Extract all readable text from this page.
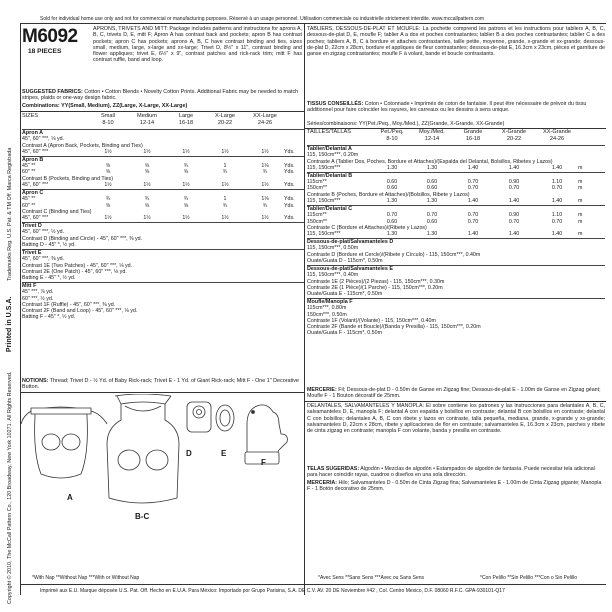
Sold for individual home use only and not for commercial or manufacturing purposes. Réservé à un usage personnel. Utilisation commerciale ou industrielle strictement interdite. www.mccallpattern.com
Copyright © 2010, The McCall Pattern Co., 120 Broadway, New York 10271. All Rights Reserved. Printed in U.S.A. Trademarks Reg. U.S. Pat. & TM Off. Marca Registrada
M6092
18 PIECES
APRONS, TRIVETS AND MITT: Package includes patterns and instructions for aprons A, B, C, trivets D, E, mitt F; Apron A has contrast back and pockets; apron B has contrast pockets; apron C has pockets; aprons A, B, C have contrast binding and ties, sizes small, medium, large, x-large and xx-large; Trivet D, 8½" x 11", contrast binding and flower appliques; trivet E, 6½" x 9", contrast patches and rick-rack trim; mitt F has contrast ruffle, band and loop.
SUGGESTED FABRICS: Cotton • Cotton Blends • Novelty Cotton Prints. Additional Fabric may be needed to match stripes, plaids or one-way design fabric.
Combinations: YY(Small, Medium), ZZ(Large, X-Large, XX-Large)
SIZES	Small	Medium	Large	X-Large	XX-Large
8-10	12-14	16-18	20-22	24-26
Apron A
45", 60" ***, ⅛ yd.
Contrast A (Apron Back, Pockets, Binding and Ties)
45", 60" ***	1½	1½	1½	1½	1½	Yds.
Apron B
45" **	⅝	⅝	¾	1	1⅛	Yds.
60" **	⅝	⅝	⅝	¾	¾	Yds.
Contrast B (Pockets, Binding and Ties)
45", 60" ***	1½	1½	1½	1½	1½	Yds.
Apron C
45" **	¾	¾	¾	1	1⅛	Yds.
60" **	⅝	⅝	⅝	¾	¾	Yds.
Contrast C (Binding and Ties)
45", 60" ***	1½	1½	1½	1½	1½	Yds.
Trivet D
45", 60" ***, ½ yd.
Contrast D (Binding and Circle) - 45", 60" ***, ⅜ yd.
Batting D - 45" *, ½ yd.
Trivet E
45", 60" ***, ⅜ yd.
Contrast 1E (Two Patches) - 45", 60" ***, ⅛ yd.
Contrast 2E (One Patch) - 45", 60" ***, ⅛ yd.
Batting E - 45" *, ½ yd.
Mitt F
45" ***, ⅞ yd.
60" ***, ½ yd.
Contrast 1F (Ruffle) - 45", 60" ***, ⅜ yd.
Contrast 2F (Band and Loop) - 45", 60" ***, ⅛ yd.
Batting F - 45" *, ½ yd.
NOTIONS: Thread; Trivet D - ½ Yd. of Baby Rick-rack; Trivet E - 1 Yd. of Giant Rick-rack; Mitt F - One 1" Decorative Button.
A
B-C
D	E
F
*With Nap **Without Nap ***With or Without Nap
TABLIERS, DESSOUS-DE-PLAT ET MOUFLE: La pochette comprend les patrons et les instructions pour tabliers A, B, C, dessous-de-plat D, E, moufle F; tablier A a dos et poches contrastantes; tablier B a des poches contrastantes; tablier C a des poches; tabliers A, B, C à bordure et attaches contrastantes, taille petite, moyenne, grande, x-grande et xx-grande; dessous-de-plat D, 22cm x 28cm, bordure et appliques de fleur contrastantes; dessous-de-plat E, 16.3cm x 23cm, pièces et garniture de ganse en zigzag contrastantes; moufle F à volant, bande et boucle contrastants.
TISSUS CONSEILLÉS: Coton • Cotonnade • Imprimés de coton de fantaisie. Il peut être nécessaire de prévoir du tissu additionnel pour faire coïncider les rayures, les carreaux ou les dessins à sens unique.
Séries/combinaisons: YY(Pet./Peq., Moy./Med.), ZZ(Grande, X-Grande, XX-Grande)
TAILLES/TALLAS	Pet./Peq.	Moy./Med.	Grande	X-Grande	XX-Grande
8-10	12-14	16-18	20-22	24-26
Tablier/Delantal A
115, 150cm***, 0.20m
Contraste A (Tablier Dos, Poches, Bordure et Attaches)/(Espalda del Delantal, Bolsillos, Ribetes y Lazos)
115, 150cm***	1.30	1.30	1.40	1.40	1.40	m
Tablier/Delantal B
115cm**	0.60	0.60	0.70	0.90	1.10	m
150cm**	0.60	0.60	0.70	0.70	0.70	m
Contraste B (Poches, Bordure et Attaches)/(Bolsillos, Ribete y Lazos)
115, 150cm***	1.30	1.30	1.40	1.40	1.40	m
Tablier/Delantal C
115cm**	0.70	0.70	0.70	0.90	1.10	m
150cm**	0.60	0.60	0.70	0.70	0.70	m
Contraste C (Bordure et Attaches)/(Ribete y Lazos)
115, 150cm***	1.30	1.30	1.40	1.40	1.40	m
Dessous-de-plat/Salvamanteles D
115, 150cm***, 0.50m
Contraste D (Bordure et Cercle)/(Ribete y Círculo) - 115, 150cm***, 0.40m
Ouate/Guata D - 115cm*, 0.50m
Dessous-de-plat/Salvamanteles E
115, 150cm***, 0.40m
Contraste 1E (2 Pièces)/(2 Piezas) - 115, 150cm***, 0.30m
Contraste 2E (1 Pièce)/(1 Parche) - 115, 150cm***, 0.20m
Ouate/Guata E - 115cm*, 0.50m
Moufle/Manopla F
115cm***, 0.80m
150cm***, 0.50m
Contraste 1F (Volant)/(Volante) - 115, 150cm***, 0.40m
Contraste 2F (Bande et Boucle)/(Banda y Presilla) - 115, 150cm***, 0.20m
Ouate/Guata F - 115cm*, 0.50m
MERCERIE: Fil; Dessous-de-plat D - 0.50m de Ganse en Zigzag fine; Dessous-de-plat E - 1.00m de Ganse en Zigzag géant; Moufle F - 1 Bouton décoratif de 25mm.
DELANTALES, SALVAMANTELES Y MANOPLA: El sobre contiene los patrones y las instrucciones para delantales A, B, C, salvamanteles D, E, manopla F; delantal A con espalda y bolsillos en contraste; delantal B con bolsillos en contraste; delantal C con bolsillos; delantales A, B, C con ribete y lazos en contraste, talla pequeña, mediana, grande, x-grande y xx-grande; salvamanteles D, 22cm x 28cm, ribete y aplicaciones de flor en contraste; salvamanteles E, 16.3cm x 23cm, parches y ribete de cinta zigzag en contraste; manopla F con volante, banda y presilla en contraste.
TELAS SUGERIDAS: Algodón • Mezclas de algodón • Estampados de algodón de fantasía. Puede necesitar tela adicional para hacer coincidir rayas, cuadros o diseños en una sola dirección.
MERCERIA: Hilo; Salvamanteles D - 0.50m de Cinta Zigzag fina; Salvamanteles E - 1.00m de Cinta Zigzag gigante; Manopla F - 1 Botón decorativo de 25mm.
*Avec Sens **Sans Sens ***Avec ou Sans Sens	*Con Pelillo **Sin Pelillo ***Con o Sin Pelillo
Imprimé aux E.U. Marque déposée U.S. Pat. Off. Hecho en E.U.A. Para México: Importado por Grupo Parisina, S.A. DE C.V. AV. 20 DE Noviembre #42 , Col. Centro Mexico, D.F. 08060 R.F.C. GPA-930101-Q17
